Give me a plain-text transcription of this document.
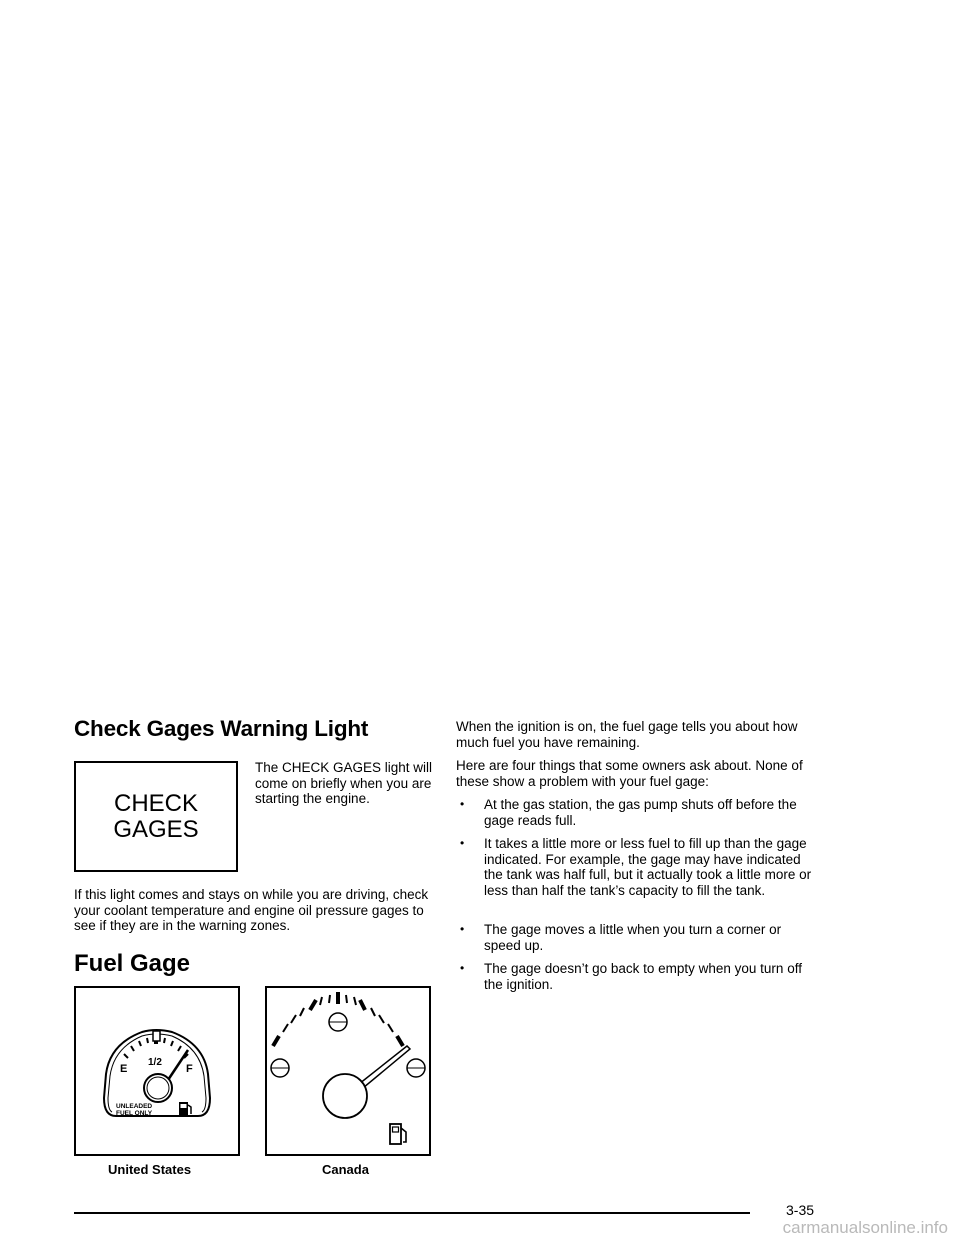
Check Gages Warning Light
CHECK
GAGES

The CHECK GAGES light will come on briefly when you are starting the engine.

If this light comes and stays on while you are driving, check your coolant temperature and engine oil pressure gages to see if they are in the warning zones.

Fuel Gage
E
1/2
F
UNLEADED
FUEL ONLY
United States	Canada

When the ignition is on, the fuel gage tells you about how much fuel you have remaining.

Here are four things that some owners ask about. None of these show a problem with your fuel gage:

•	At the gas station, the gas pump shuts off before the gage reads full.
•	It takes a little more or less fuel to fill up than the gage indicated. For example, the gage may have indicated the tank was half full, but it actually took a little more or less than half the tank’s capacity to fill the tank.
•	The gage moves a little when you turn a corner or speed up.
•	The gage doesn’t go back to empty when you turn off the ignition.
3-35
carmanualsonline.info
